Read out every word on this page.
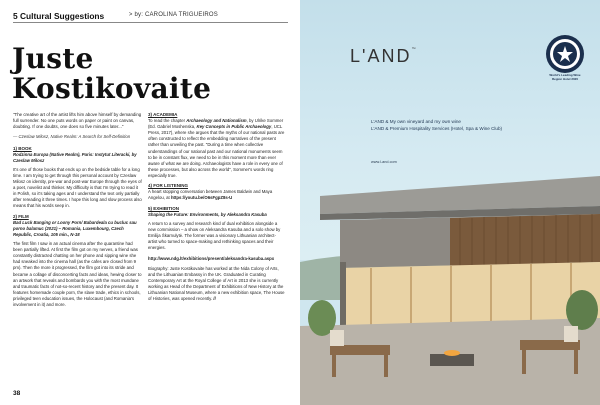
5 Cultural Suggestions	> by: CAROLINA TRIGUEIROS
Juste
Kostikovaite

"The creative art of the artist lifts him above himself by demanding full surrender. No one puts words on paper or paint on canvas, doubting. If one doubts, one does so five minutes later..."

— Czeslaw Milosz, Native Realm: A Search for Self-Definition

1) BOOK

Rodzinna Europa (Native Realm), Paris: Instytut Literacki, by Czeslaw Milosz

It's one of those books that ends up on the bedside table for a long time. I am trying to get through this personal account by Czeslaw Milosz on identity, pre-war and post-war Europe through the eyes of a poet, novelist and thinker. My difficulty is that I'm trying to read it in Polish, so it's taking ages and I understand the text only partially after rereading it three times. I hope this long and slow process also means that his words seep in.

2) FILM

Bad Luck Banging or Loony Porn/ Babardeala cu bucluc sau porno balamuc (2021) – Romania, Luxembourg, Czech Republic, Croatia, 105 min., N-18

The first film I saw in an actual cinema after the quarantine had been partially lifted. At first the film got on my nerves, a friend was constantly distracted chatting on her phone and sipping wine she had sneaked into the cinema hall (as the cafes are closed from 9 pm). Then the more it progressed, the film got into its stride and became a collage of disconcerting facts and ideas, hewing closer to an artwork that reveals and bombards you with the most mundane and traumatic facts of not-so-recent history and the present day. It features homemade couple porn, the slave trade, ethics in schools, privileged teen education issues, the Holocaust (and Romania's involvement in it) and more.

3) ACADEMIA

To read the chapter Archaeology and Nationalism, by Ulrike Sommer (Ed. Gabriel Moshenska, Key Concepts in Public Archaeology, UCL Press, 2017), where she argues that the myths of our national pasts are often constructed to reflect the embedding narratives of the present rather than unveiling the past. "During a time when collective understandings of our national past and our national monuments seem to be in constant flux, we need to be in this moment more than ever aware of what we are doing. Archaeologists have a role in every one of these processes, but also across the world", Sommer's words ring especially true.

4) FOR LISTENING

A heart stopping conversation between James Baldwin and Maya Angelou, at https://youtu.be/O6sFgpZ8s-U

5) EXHIBITION

Shaping the Future: Environments, by Aleksandra Kasuba

A return to a survey and research kind of dual exhibition alongside a new commission – a show on Aleksandra Kasuba and a solo show by Emilija Škarnulytė. The former was a visionary Lithuanian architect-artist who turned to space-making and rethinking spaces and their energies.

http://www.ndg.lt/exhibitions/present/aleksandra-kasuba.aspx

Biography: Juste Kostikovaite has worked at the Nida Colony of Arts, and the Lithuanian Embassy in the UK. Graduated in Curating Contemporary Art at the Royal College of Art in 2013 she is currently working as Head of the Department of Exhibitions of New History at the Lithuanian National Museum, where a new exhibition space, The House of Histories, was opened recently. //

38
L'AND™
World's Leading Wine
Region Hotel 2020
L'AND & My own vineyard and my own wine
L'AND & Premium Hospitality Services (Hotel, Spa & Wine Club)
www.l-and.com
